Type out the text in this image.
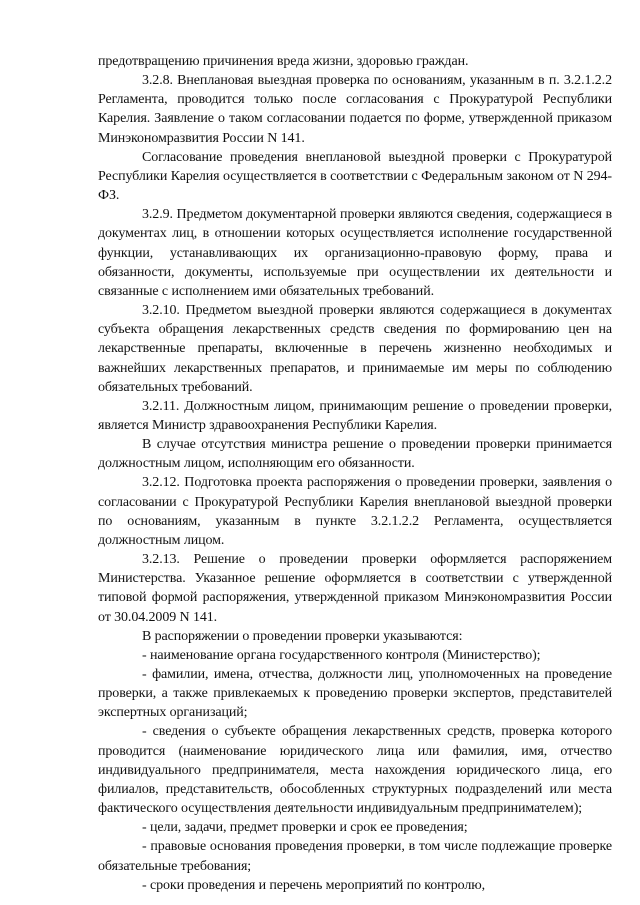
предотвращению причинения вреда жизни, здоровью граждан.

3.2.8. Внеплановая выездная проверка по основаниям, указанным в п. 3.2.1.2.2 Регламента, проводится только после согласования с Прокуратурой Республики Карелия. Заявление о таком согласовании подается по форме, утвержденной приказом Минэкономразвития России N 141.

Согласование проведения внеплановой выездной проверки с Прокуратурой Республики Карелия осуществляется в соответствии с Федеральным законом от N 294-ФЗ.

3.2.9. Предметом документарной проверки являются сведения, содержащиеся в документах лиц, в отношении которых осуществляется исполнение государственной функции, устанавливающих их организационно-правовую форму, права и обязанности, документы, используемые при осуществлении их деятельности и связанные с исполнением ими обязательных требований.

3.2.10. Предметом выездной проверки являются содержащиеся в документах субъекта обращения лекарственных средств сведения по формированию цен на лекарственные препараты, включенные в перечень жизненно необходимых и важнейших лекарственных препаратов, и принимаемые им меры по соблюдению обязательных требований.

3.2.11. Должностным лицом, принимающим решение о проведении проверки, является Министр здравоохранения Республики Карелия.

В случае отсутствия министра решение о проведении проверки принимается должностным лицом, исполняющим его обязанности.

3.2.12. Подготовка проекта распоряжения о проведении проверки, заявления о согласовании с Прокуратурой Республики Карелия внеплановой выездной проверки по основаниям, указанным в пункте 3.2.1.2.2 Регламента, осуществляется должностным лицом.

3.2.13. Решение о проведении проверки оформляется распоряжением Министерства. Указанное решение оформляется в соответствии с утвержденной типовой формой распоряжения, утвержденной приказом Минэкономразвития России от 30.04.2009 N 141.

В распоряжении о проведении проверки указываются:

- наименование органа государственного контроля (Министерство);

- фамилии, имена, отчества, должности лиц, уполномоченных на проведение проверки, а также привлекаемых к проведению проверки экспертов, представителей экспертных организаций;

- сведения о субъекте обращения лекарственных средств, проверка которого проводится (наименование юридического лица или фамилия, имя, отчество индивидуального предпринимателя, места нахождения юридического лица, его филиалов, представительств, обособленных структурных подразделений или места фактического осуществления деятельности индивидуальным предпринимателем);

- цели, задачи, предмет проверки и срок ее проведения;

- правовые основания проведения проверки, в том числе подлежащие проверке обязательные требования;

- сроки проведения и перечень мероприятий по контролю,
